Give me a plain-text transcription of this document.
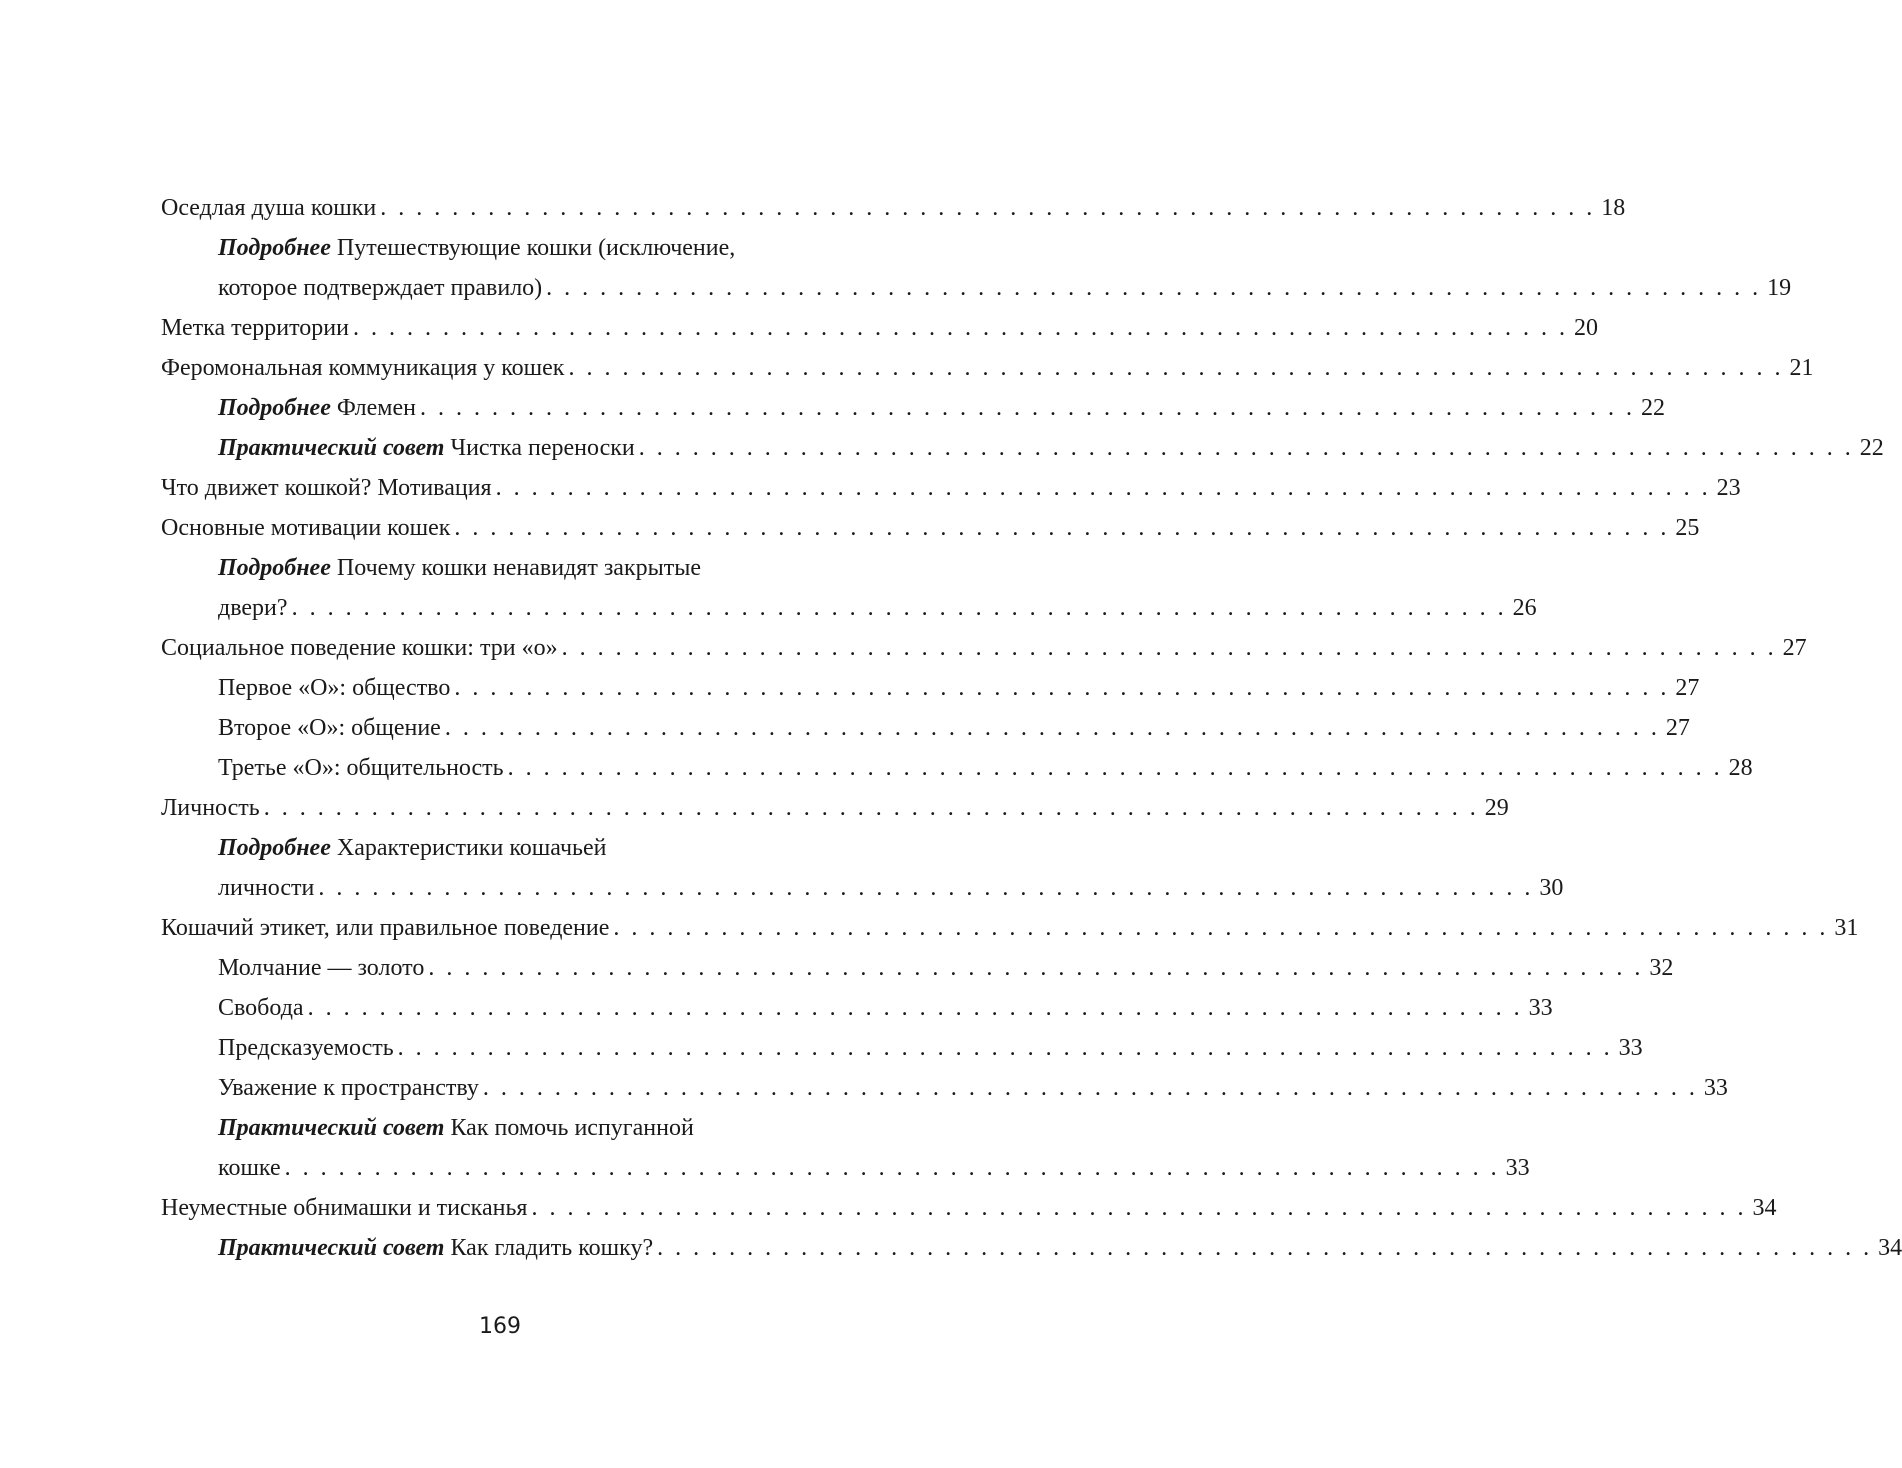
Оседлая душа кошки . . . . . . . . . . . . . . . . . . . . . . . . . . . . . . . . . . . . . . . . . . . . . . . . . . . . . . . . . . . . . . . . . . . . 18
Подробнее Путешествующие кошки (исключение,
которое подтверждает правило) . . . . . . . . . . . . . . . . . . . . . . . . . . . . . . . . . . . . . . . . . . . . . . . . . . . . . . . . . . . . . . . . . . . . 19
Метка территории . . . . . . . . . . . . . . . . . . . . . . . . . . . . . . . . . . . . . . . . . . . . . . . . . . . . . . . . . . . . . . . . . . . . 20
Феромональная коммуникация у кошек . . . . . . . . . . . . . . . . . . . . . . . . . . . . . . . . . . . . . . . . . . . . . . . . . . . . . . . . . . . . . . . . . . . . 21
Подробнее Флемен . . . . . . . . . . . . . . . . . . . . . . . . . . . . . . . . . . . . . . . . . . . . . . . . . . . . . . . . . . . . . . . . . . . . 22
Практический совет Чистка переноски . . . . . . . . . . . . . . . . . . . . . . . . . . . . . . . . . . . . . . . . . . . . . . . . . . . . . . . . . . . . . . . . . . . . 22
Что движет кошкой? Мотивация . . . . . . . . . . . . . . . . . . . . . . . . . . . . . . . . . . . . . . . . . . . . . . . . . . . . . . . . . . . . . . . . . . . . 23
Основные мотивации кошек . . . . . . . . . . . . . . . . . . . . . . . . . . . . . . . . . . . . . . . . . . . . . . . . . . . . . . . . . . . . . . . . . . . . 25
Подробнее Почему кошки ненавидят закрытые
двери? . . . . . . . . . . . . . . . . . . . . . . . . . . . . . . . . . . . . . . . . . . . . . . . . . . . . . . . . . . . . . . . . . . . . 26
Социальное поведение кошки: три «о» . . . . . . . . . . . . . . . . . . . . . . . . . . . . . . . . . . . . . . . . . . . . . . . . . . . . . . . . . . . . . . . . . . . . 27
Первое «О»: общество . . . . . . . . . . . . . . . . . . . . . . . . . . . . . . . . . . . . . . . . . . . . . . . . . . . . . . . . . . . . . . . . . . . . 27
Второе «О»: общение . . . . . . . . . . . . . . . . . . . . . . . . . . . . . . . . . . . . . . . . . . . . . . . . . . . . . . . . . . . . . . . . . . . . 27
Третье «О»: общительность . . . . . . . . . . . . . . . . . . . . . . . . . . . . . . . . . . . . . . . . . . . . . . . . . . . . . . . . . . . . . . . . . . . . 28
Личность . . . . . . . . . . . . . . . . . . . . . . . . . . . . . . . . . . . . . . . . . . . . . . . . . . . . . . . . . . . . . . . . . . . . 29
Подробнее Характеристики кошачьей
личности . . . . . . . . . . . . . . . . . . . . . . . . . . . . . . . . . . . . . . . . . . . . . . . . . . . . . . . . . . . . . . . . . . . . 30
Кошачий этикет, или правильное поведение . . . . . . . . . . . . . . . . . . . . . . . . . . . . . . . . . . . . . . . . . . . . . . . . . . . . . . . . . . . . . . . . . . . . 31
Молчание — золото . . . . . . . . . . . . . . . . . . . . . . . . . . . . . . . . . . . . . . . . . . . . . . . . . . . . . . . . . . . . . . . . . . . . 32
Свобода . . . . . . . . . . . . . . . . . . . . . . . . . . . . . . . . . . . . . . . . . . . . . . . . . . . . . . . . . . . . . . . . . . . . 33
Предсказуемость . . . . . . . . . . . . . . . . . . . . . . . . . . . . . . . . . . . . . . . . . . . . . . . . . . . . . . . . . . . . . . . . . . . . 33
Уважение к пространству . . . . . . . . . . . . . . . . . . . . . . . . . . . . . . . . . . . . . . . . . . . . . . . . . . . . . . . . . . . . . . . . . . . . 33
Практический совет Как помочь испуганной
кошке . . . . . . . . . . . . . . . . . . . . . . . . . . . . . . . . . . . . . . . . . . . . . . . . . . . . . . . . . . . . . . . . . . . . 33
Неуместные обнимашки и тисканья . . . . . . . . . . . . . . . . . . . . . . . . . . . . . . . . . . . . . . . . . . . . . . . . . . . . . . . . . . . . . . . . . . . . 34
Практический совет Как гладить кошку? . . . . . . . . . . . . . . . . . . . . . . . . . . . . . . . . . . . . . . . . . . . . . . . . . . . . . . . . . . . . . . . . . . . . 34
169
